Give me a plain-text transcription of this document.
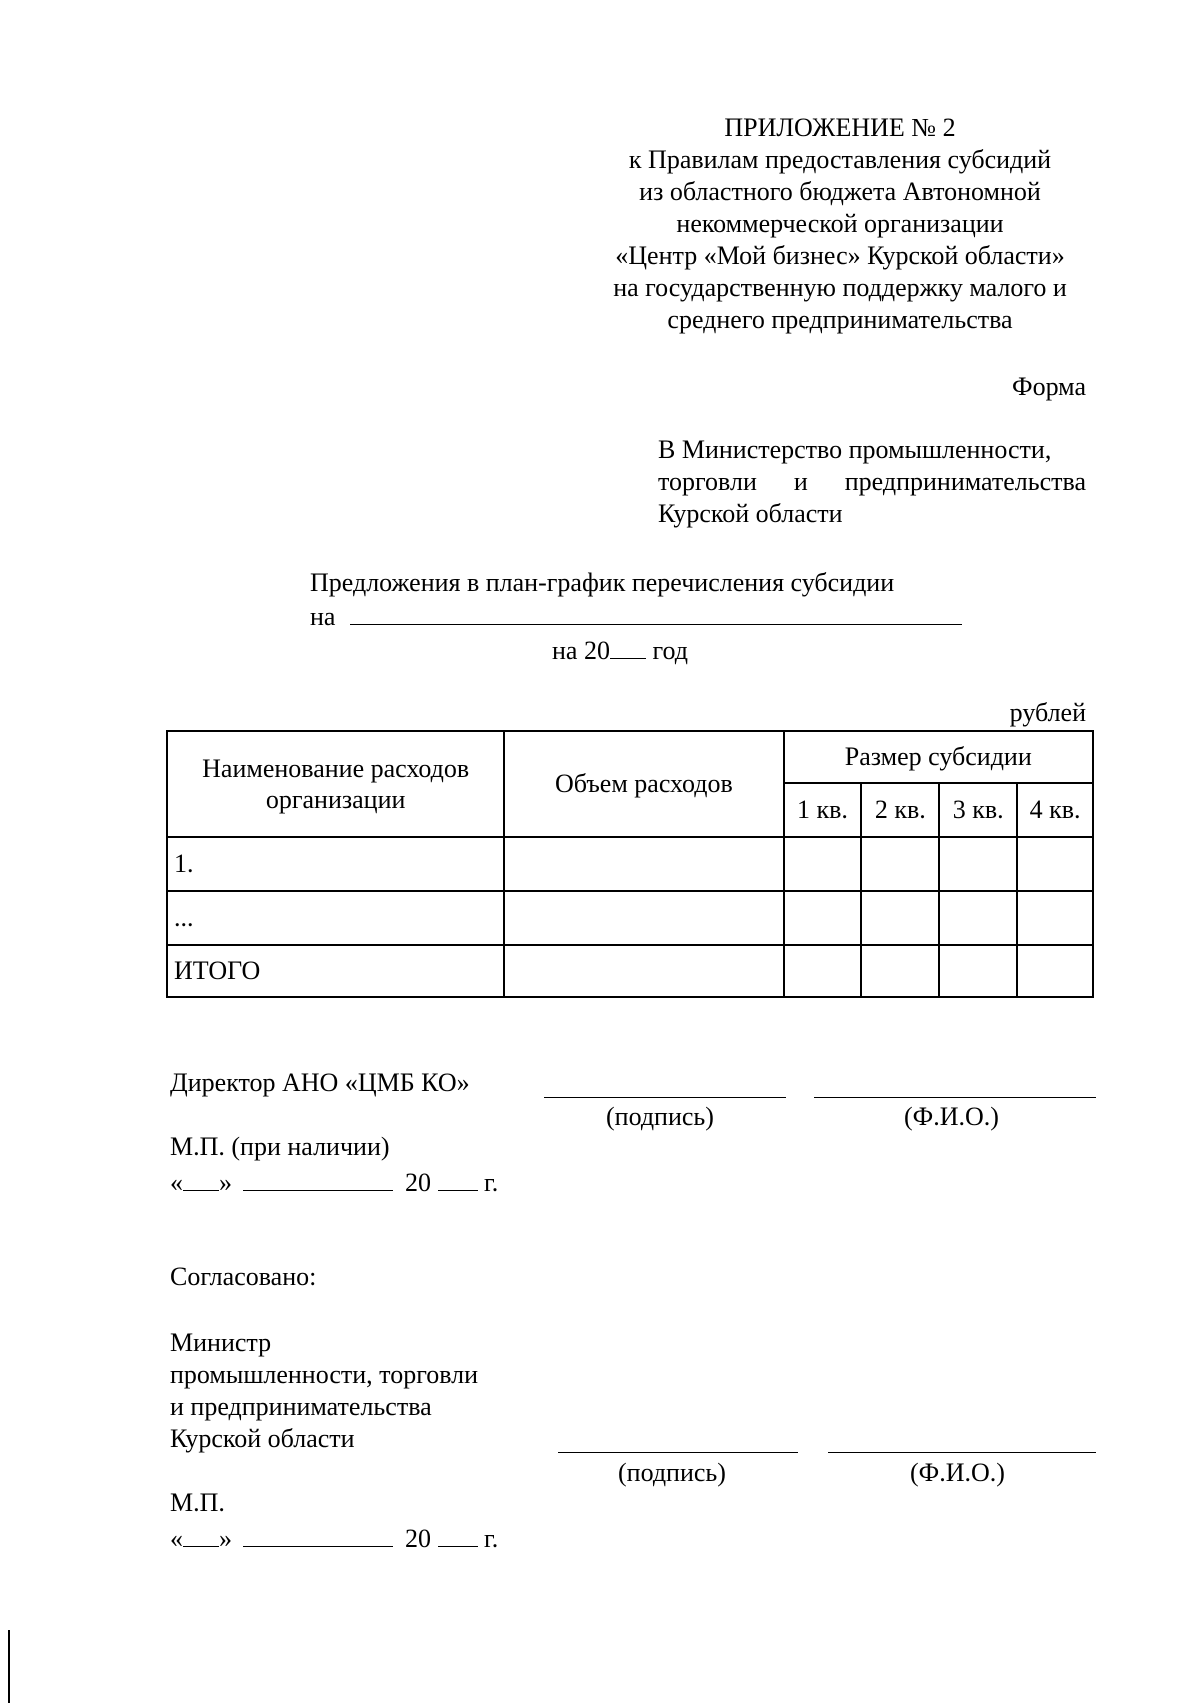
ПРИЛОЖЕНИЕ № 2
к Правилам предоставления субсидий
из областного бюджета Автономной
некоммерческой организации
«Центр «Мой бизнес» Курской области»
на государственную поддержку малого и
среднего предпринимательства
Форма
В Министерство промышленности,
торговли и предпринимательства
Курской области
Предложения в план-график перечисления субсидии
на
на 20 год
рублей
Наименование расходов организации	Объем расходов	Размер субсидии			
		1 кв.	2 кв.	3 кв.	4 кв.
1.					
...					
ИТОГО					
Директор АНО «ЦМБ КО»
(подпись)	(Ф.И.О.)
М.П. (при наличии)
« »	20 г.
Согласовано:
Министр
промышленности, торговли
и предпринимательства
Курской области
(подпись)	(Ф.И.О.)
М.П.
« »	20 г.
